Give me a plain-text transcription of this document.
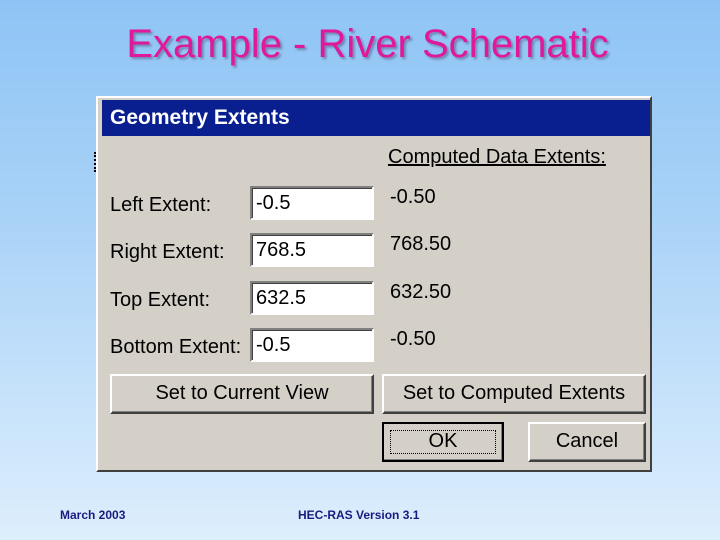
Example - River Schematic
Geometry Extents
Computed Data Extents:
Left Extent:	-0.5	-0.50
Right Extent:	768.5	768.50
Top Extent:	632.5	632.50
Bottom Extent: -0.5	-0.50
Set to Current View	Set to Computed Extents
OK	Cancel
March 2003	HEC-RAS Version 3.1
